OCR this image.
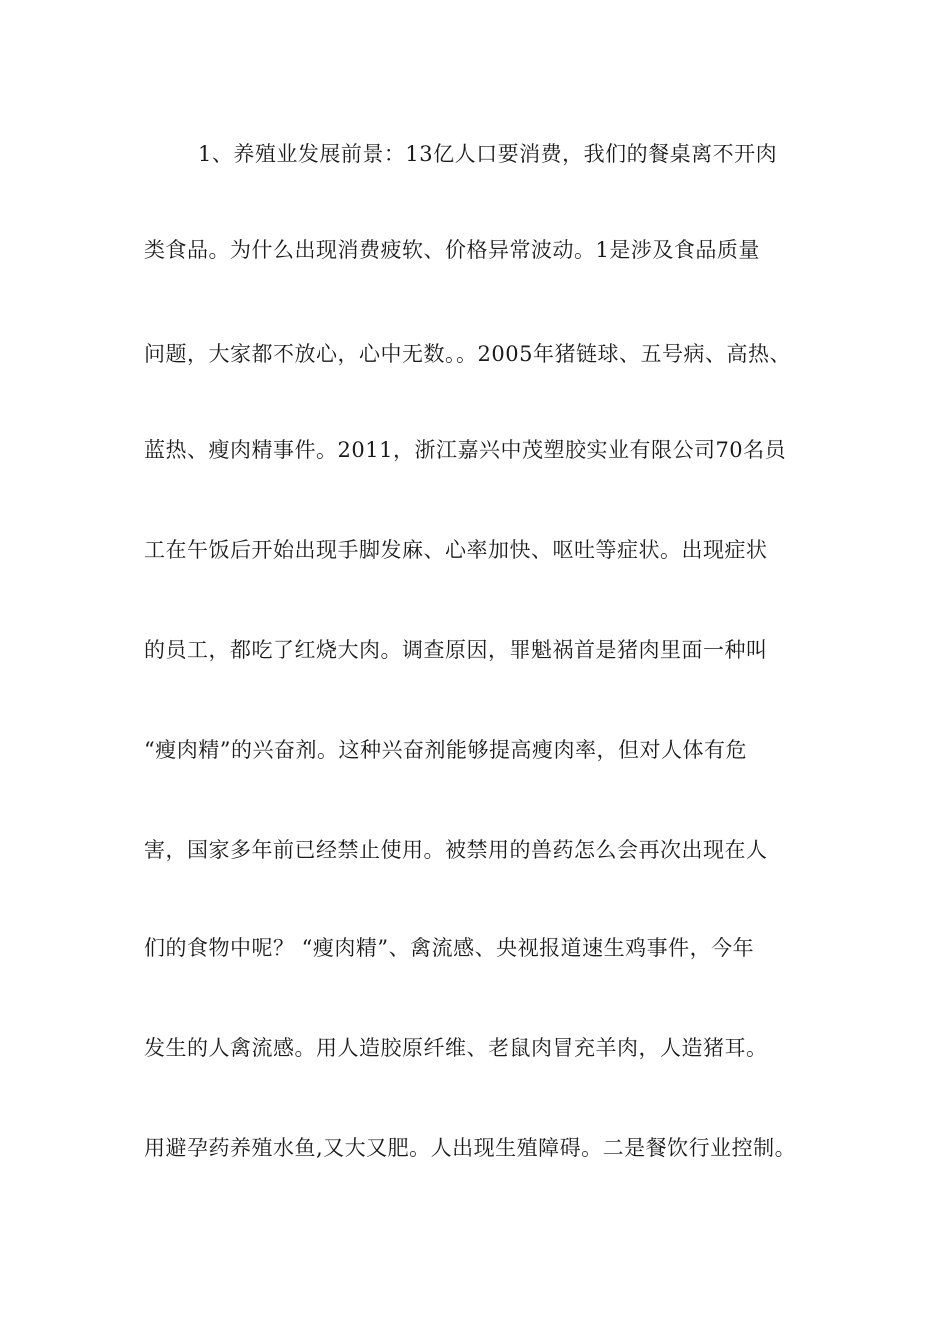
1、养殖业发展前景：13亿人口要消费，我们的餐桌离不开肉
类食品。为什么出现消费疲软、价格异常波动。1是涉及食品质量
问题，大家都不放心，心中无数。。2005年猪链球、五号病、高热、
蓝热、瘦肉精事件。2011，浙江嘉兴中茂塑胶实业有限公司70名员
工在午饭后开始出现手脚发麻、心率加快、呕吐等症状。出现症状
的员工，都吃了红烧大肉。调查原因，罪魁祸首是猪肉里面一种叫
“瘦肉精”的兴奋剂。这种兴奋剂能够提高瘦肉率，但对人体有危
害，国家多年前已经禁止使用。被禁用的兽药怎么会再次出现在人
们的食物中呢？ “瘦肉精”、禽流感、央视报道速生鸡事件，今年
发生的人禽流感。用人造胶原纤维、老鼠肉冒充羊肉，人造猪耳。
用避孕药养殖水鱼,又大又肥。人出现生殖障碍。二是餐饮行业控制。
